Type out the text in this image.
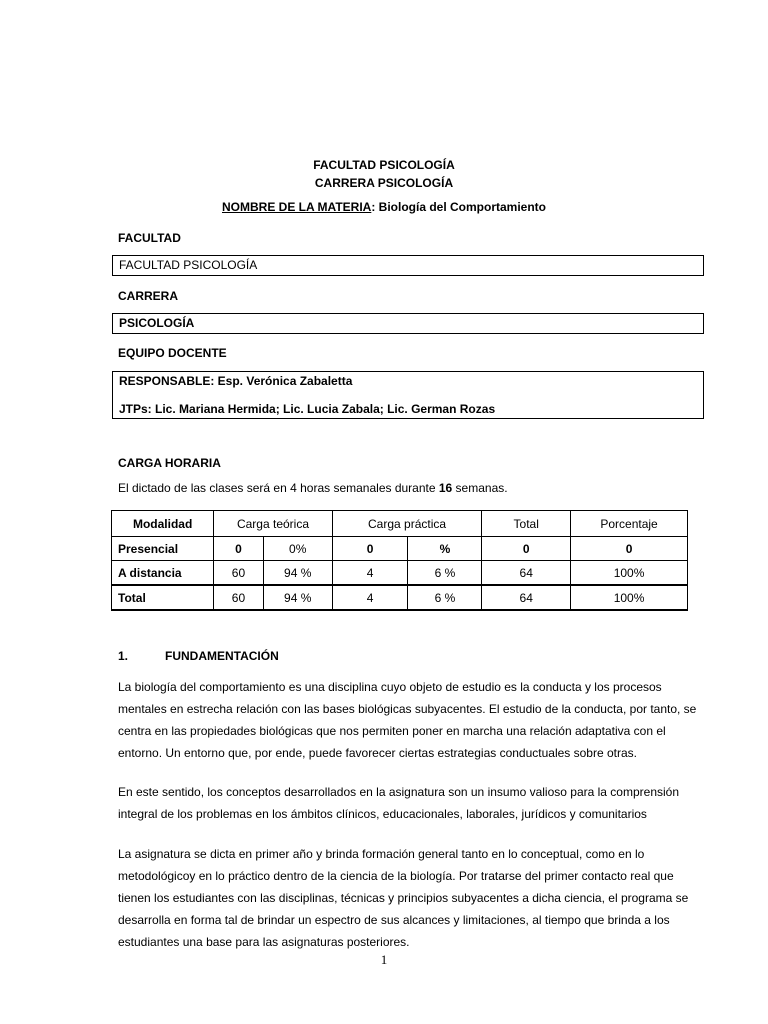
FACULTAD PSICOLOGÍA
CARRERA PSICOLOGÍA
NOMBRE DE LA MATERIA: Biología del Comportamiento
FACULTAD
FACULTAD PSICOLOGÍA
CARRERA
PSICOLOGÍA
EQUIPO DOCENTE
RESPONSABLE: Esp. Verónica Zabaletta
JTPs: Lic. Mariana Hermida; Lic. Lucia Zabala; Lic. German Rozas
CARGA HORARIA
El dictado de las clases será en 4 horas semanales durante 16 semanas.
Modalidad	Carga teórica		Carga práctica		Total	Porcentaje
Presencial	0	0%	0	%	0	0
A distancia	60	94 %	4	6 %	64	100%
Total	60	94 %	4	6 %	64	100%
1.	FUNDAMENTACIÓN
La biología del comportamiento es una disciplina cuyo objeto de estudio es la conducta y los procesos mentales en estrecha relación con las bases biológicas subyacentes. El estudio de la conducta, por tanto, se centra en las propiedades biológicas que nos permiten poner en marcha una relación adaptativa con el entorno. Un entorno que, por ende, puede favorecer ciertas estrategias conductuales sobre otras.
En este sentido, los conceptos desarrollados en la asignatura son un insumo valioso para la comprensión integral de los problemas en los ámbitos clínicos, educacionales, laborales, jurídicos y comunitarios
La asignatura se dicta en primer año y brinda formación general tanto en lo conceptual, como en lo metodológicoy en lo práctico dentro de la ciencia de la biología. Por tratarse del primer contacto real que tienen los estudiantes con las disciplinas, técnicas y principios subyacentes a dicha ciencia, el programa se desarrolla en forma tal de brindar un espectro de sus alcances y limitaciones, al tiempo que brinda a los estudiantes una base para las asignaturas posteriores.
1
